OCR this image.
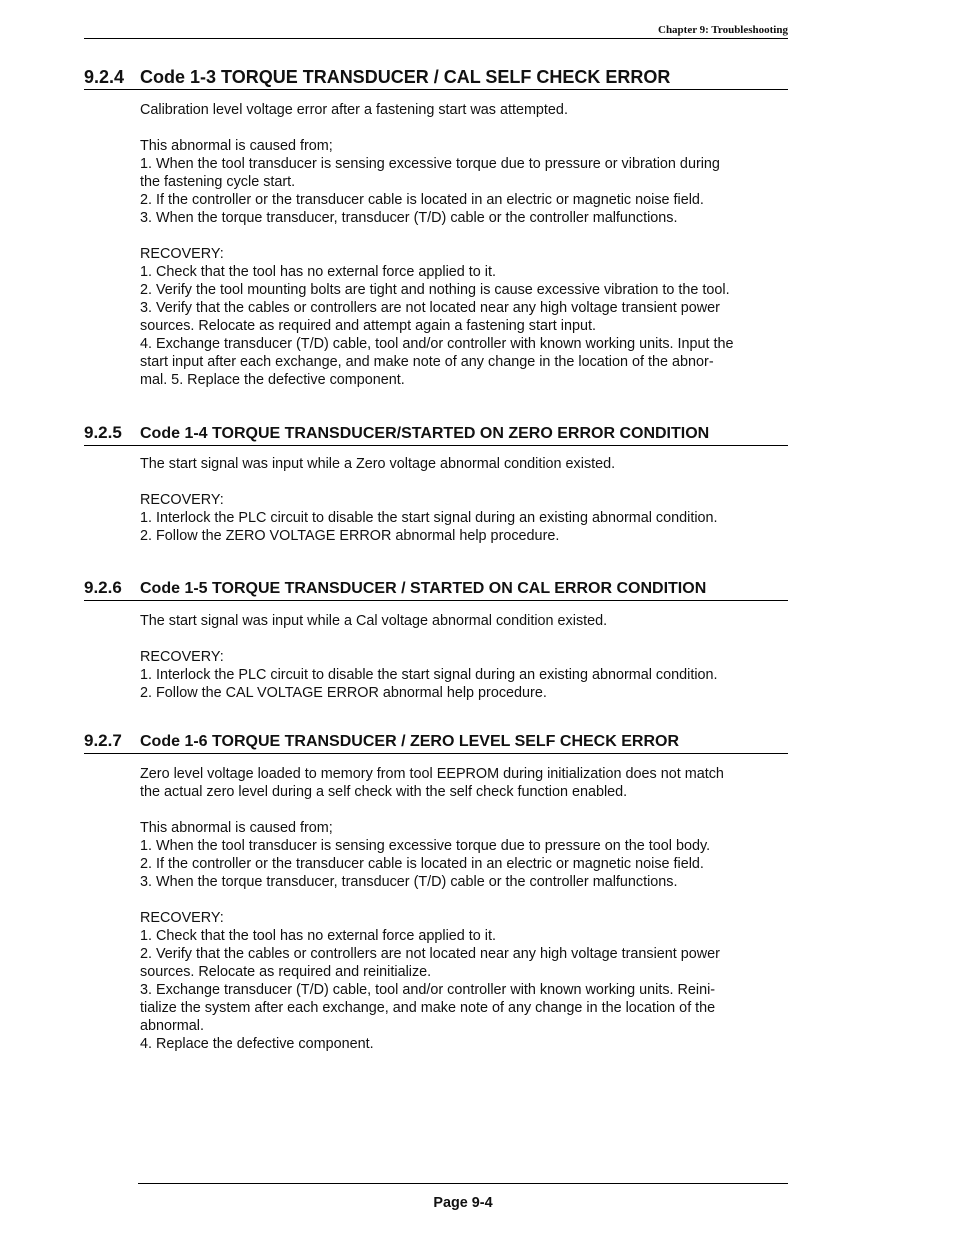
Chapter 9: Troubleshooting
9.2.4 Code 1-3 TORQUE TRANSDUCER / CAL SELF CHECK ERROR
Calibration level voltage error after a fastening start was attempted.
This abnormal is caused from;
1. When the tool transducer is sensing excessive torque due to pressure or vibration during
the fastening cycle start.
2. If the controller or the transducer cable is located in an electric or magnetic noise field.
3. When the torque transducer, transducer (T/D) cable or the controller malfunctions.
RECOVERY:
1. Check that the tool has no external force applied to it.
2. Verify the tool mounting bolts are tight and nothing is cause excessive vibration to the tool.
3. Verify that the cables or controllers are not located near any high voltage transient power
sources. Relocate as required and attempt again a fastening start input.
4. Exchange transducer (T/D) cable, tool and/or controller with known working units. Input the
start input after each exchange, and make note of any change in the location of the abnor-
mal. 5. Replace the defective component.
9.2.5 Code 1-4 TORQUE TRANSDUCER/STARTED ON ZERO ERROR CONDITION
The start signal was input while a Zero voltage abnormal condition existed.
RECOVERY:
1. Interlock the PLC circuit to disable the start signal during an existing abnormal condition.
2. Follow the ZERO VOLTAGE ERROR abnormal help procedure.
9.2.6 Code 1-5 TORQUE TRANSDUCER / STARTED ON CAL ERROR CONDITION
The start signal was input while a Cal voltage abnormal condition existed.
RECOVERY:
1. Interlock the PLC circuit to disable the start signal during an existing abnormal condition.
2. Follow the CAL VOLTAGE ERROR abnormal help procedure.
9.2.7 Code 1-6 TORQUE TRANSDUCER / ZERO LEVEL SELF CHECK ERROR
Zero level voltage loaded to memory from tool EEPROM during initialization does not match
the actual zero level during a self check with the self check function enabled.
This abnormal is caused from;
1. When the tool transducer is sensing excessive torque due to pressure on the tool body.
2. If the controller or the transducer cable is located in an electric or magnetic noise field.
3. When the torque transducer, transducer (T/D) cable or the controller malfunctions.
RECOVERY:
1. Check that the tool has no external force applied to it.
2. Verify that the cables or controllers are not located near any high voltage transient power
sources. Relocate as required and reinitialize.
3. Exchange transducer (T/D) cable, tool and/or controller with known working units. Reini-
tialize the system after each exchange, and make note of any change in the location of the
abnormal.
4. Replace the defective component.
Page 9-4
